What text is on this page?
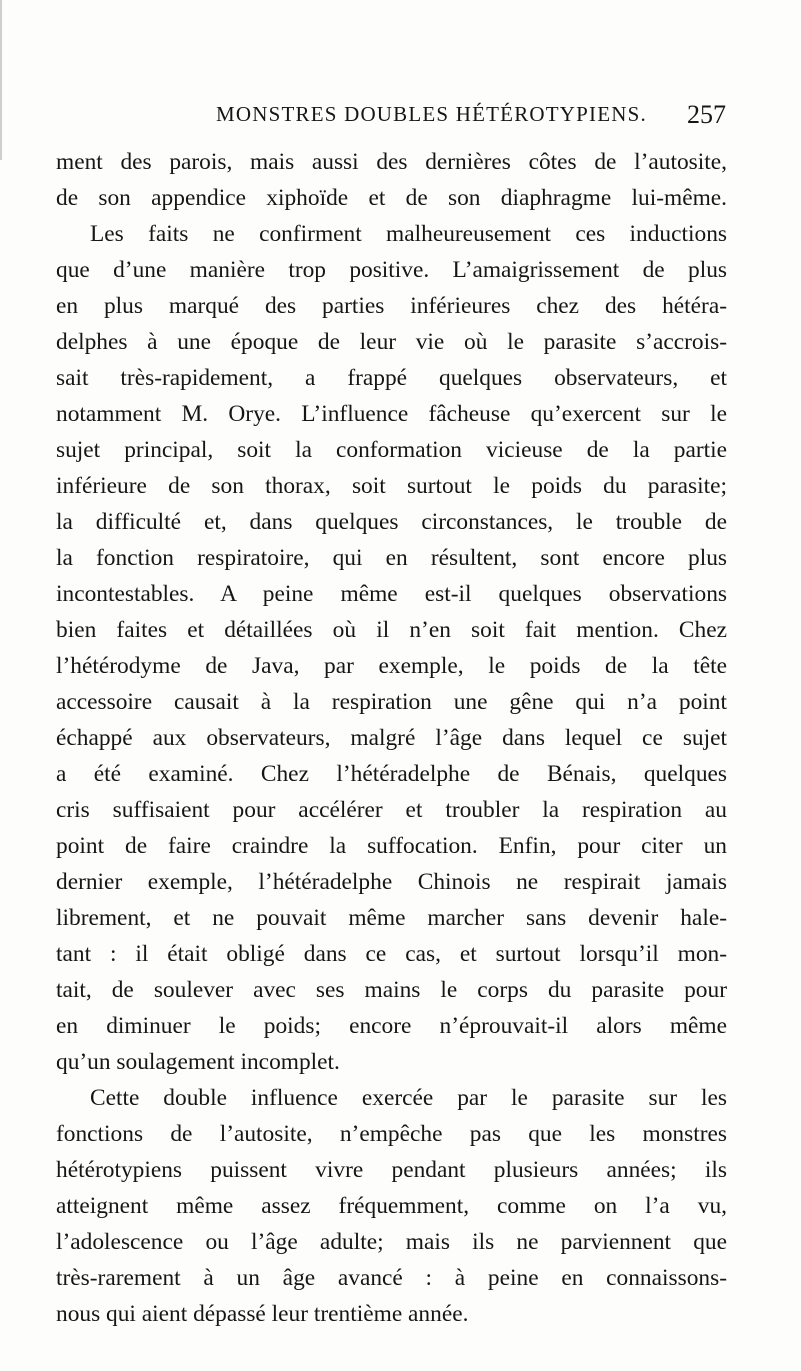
MONSTRES DOUBLES HÉTÉROTYPIENS. 257
ment des parois, mais aussi des dernières côtes de l’autosite,
de son appendice xiphoïde et de son diaphragme lui-même.
Les faits ne confirment malheureusement ces inductions
que d’une manière trop positive. L’amaigrissement de plus
en plus marqué des parties inférieures chez des hétéra-
delphes à une époque de leur vie où le parasite s’accrois-
sait très-rapidement, a frappé quelques observateurs, et
notamment M. Orye. L’influence fâcheuse qu’exercent sur le
sujet principal, soit la conformation vicieuse de la partie
inférieure de son thorax, soit surtout le poids du parasite;
la difficulté et, dans quelques circonstances, le trouble de
la fonction respiratoire, qui en résultent, sont encore plus
incontestables. A peine même est-il quelques observations
bien faites et détaillées où il n’en soit fait mention. Chez
l’hétérodyme de Java, par exemple, le poids de la tête
accessoire causait à la respiration une gêne qui n’a point
échappé aux observateurs, malgré l’âge dans lequel ce sujet
a été examiné. Chez l’hétéradelphe de Bénais, quelques
cris suffisaient pour accélérer et troubler la respiration au
point de faire craindre la suffocation. Enfin, pour citer un
dernier exemple, l’hétéradelphe Chinois ne respirait jamais
librement, et ne pouvait même marcher sans devenir hale-
tant : il était obligé dans ce cas, et surtout lorsqu’il mon-
tait, de soulever avec ses mains le corps du parasite pour
en diminuer le poids; encore n’éprouvait-il alors même
qu’un soulagement incomplet.
Cette double influence exercée par le parasite sur les
fonctions de l’autosite, n’empêche pas que les monstres
hétérotypiens puissent vivre pendant plusieurs années; ils
atteignent même assez fréquemment, comme on l’a vu,
l’adolescence ou l’âge adulte; mais ils ne parviennent que
très-rarement à un âge avancé : à peine en connaissons-
nous qui aient dépassé leur trentième année.
